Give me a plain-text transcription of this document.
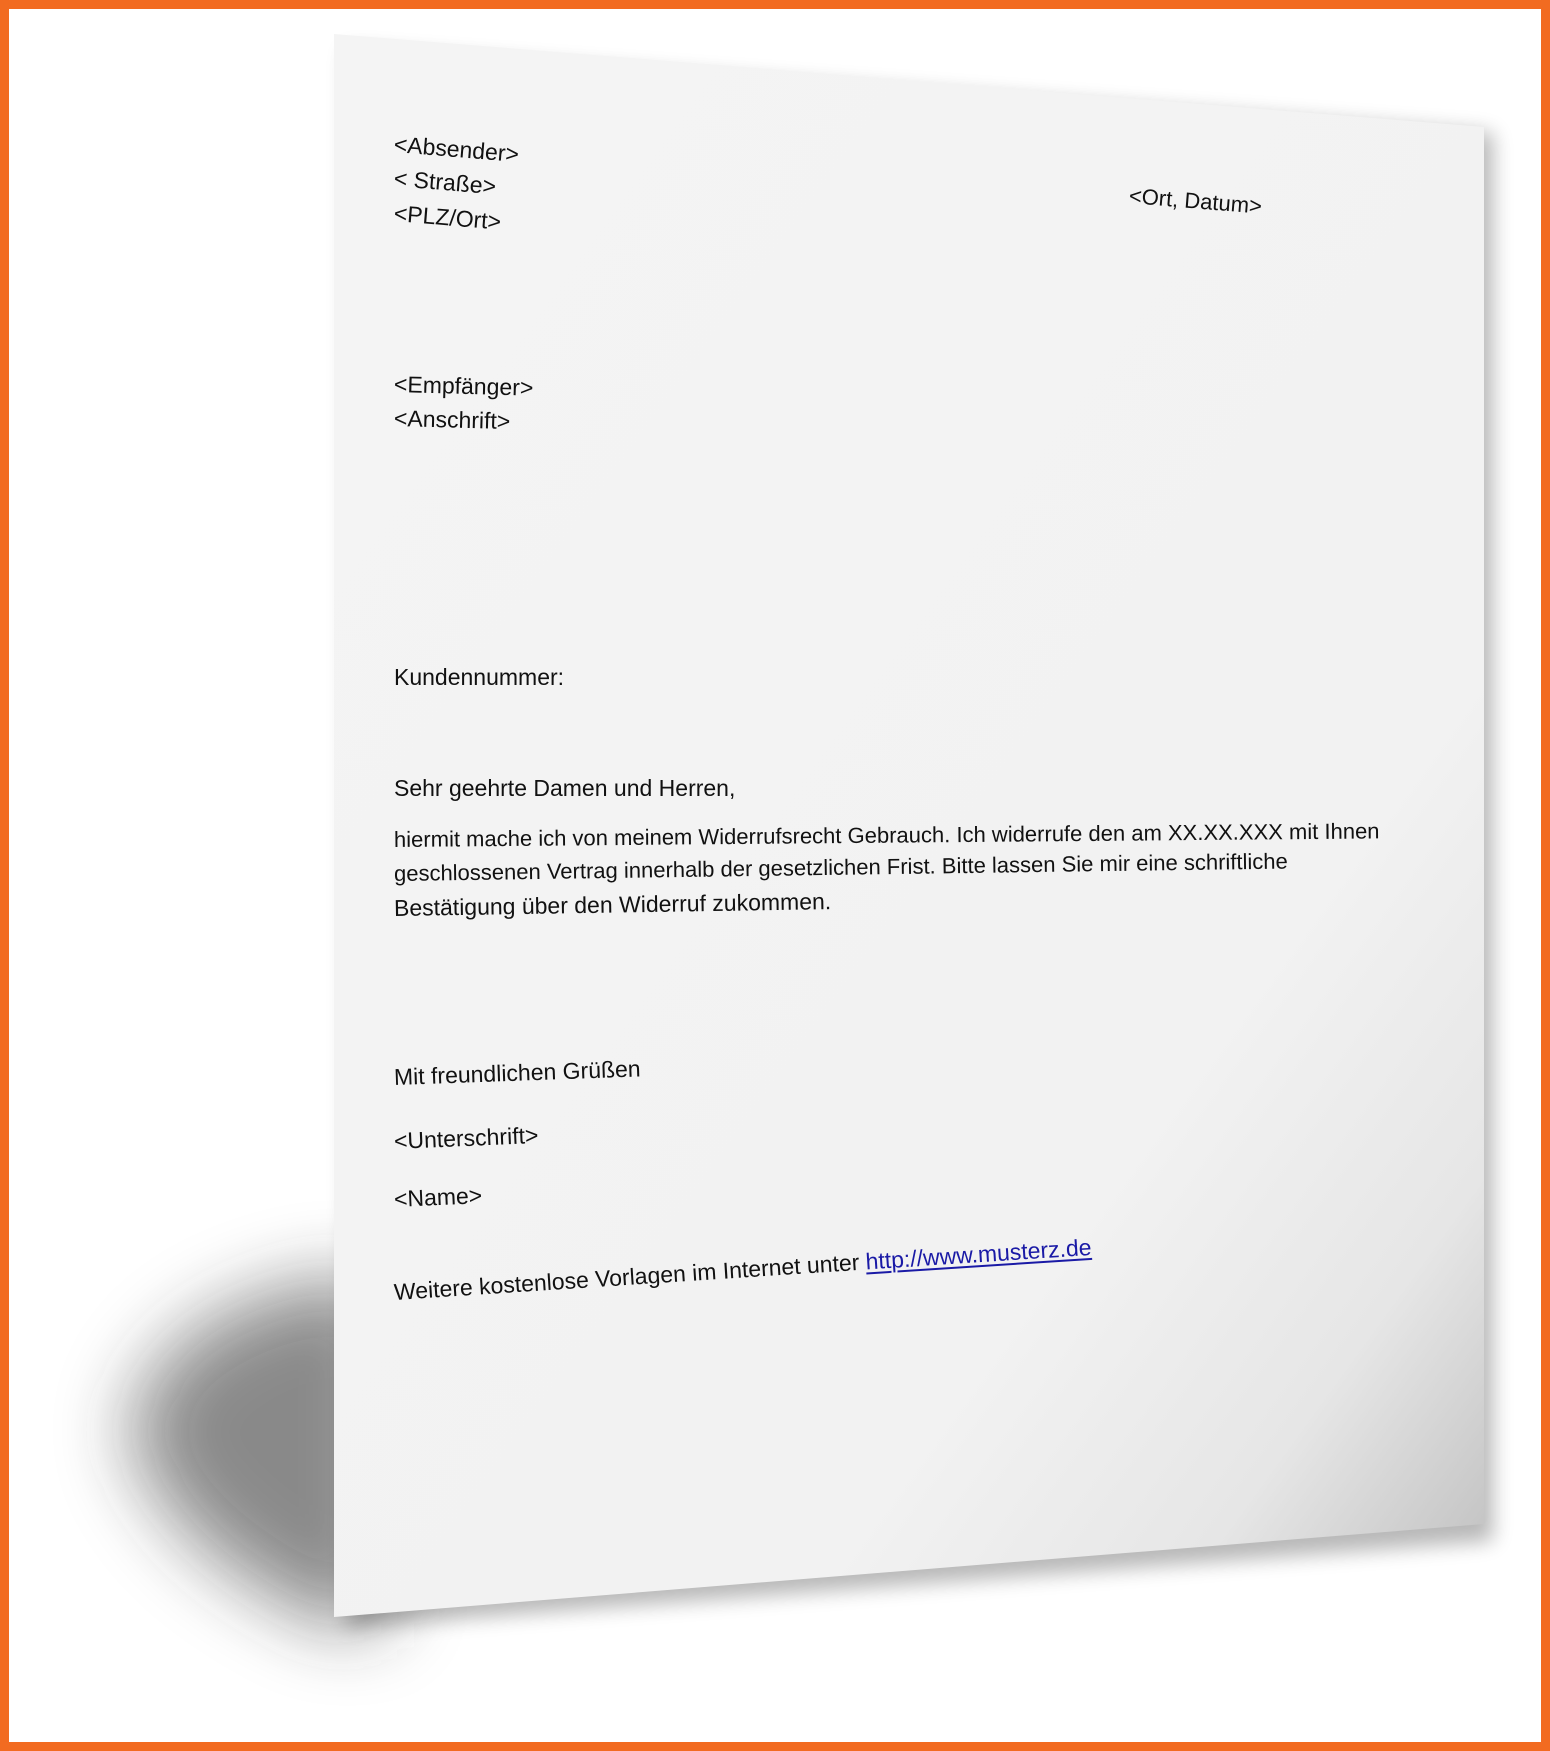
<Absender>
< Straße>
<PLZ/Ort>	<Ort, Datum>
<Empfänger>
<Anschrift>
Kundennummer:
Sehr geehrte Damen und Herren,
hiermit mache ich von meinem Widerrufsrecht Gebrauch. Ich widerrufe den am XX.XX.XXX mit Ihnen
geschlossenen Vertrag innerhalb der gesetzlichen Frist. Bitte lassen Sie mir eine schriftliche
Bestätigung über den Widerruf zukommen.
Mit freundlichen Grüßen
<Unterschrift>
<Name>
Weitere kostenlose Vorlagen im Internet unter http://www.musterz.de
